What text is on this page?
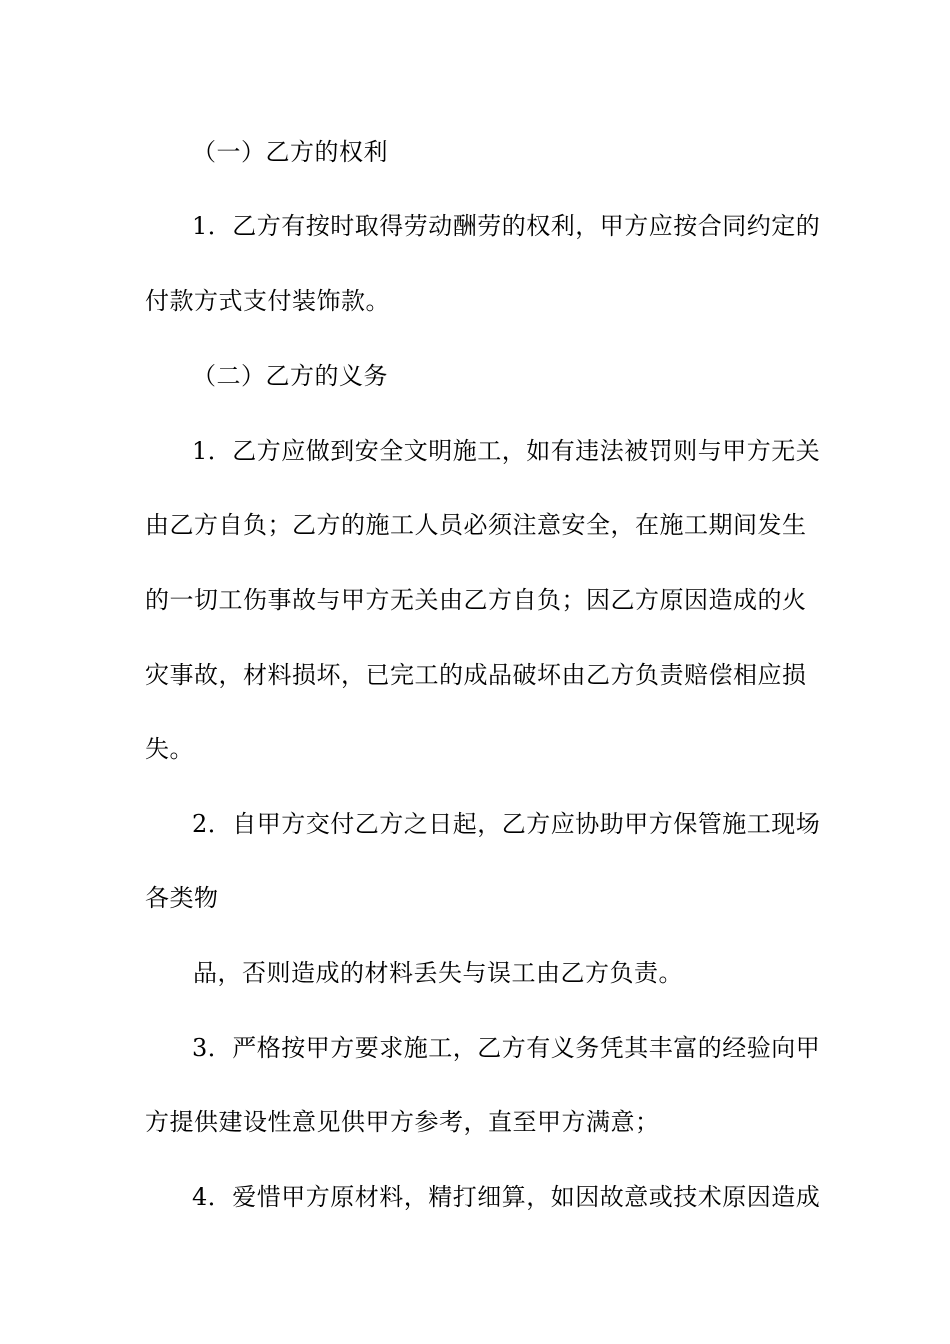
（一）乙方的权利
1．乙方有按时取得劳动酬劳的权利，甲方应按合同约定的
付款方式支付装饰款。
（二）乙方的义务
1．乙方应做到安全文明施工，如有违法被罚则与甲方无关
由乙方自负；乙方的施工人员必须注意安全，在施工期间发生
的一切工伤事故与甲方无关由乙方自负；因乙方原因造成的火
灾事故，材料损坏，已完工的成品破坏由乙方负责赔偿相应损
失。
2．自甲方交付乙方之日起，乙方应协助甲方保管施工现场
各类物
品，否则造成的材料丢失与误工由乙方负责。
3．严格按甲方要求施工，乙方有义务凭其丰富的经验向甲
方提供建设性意见供甲方参考，直至甲方满意；
4．爱惜甲方原材料，精打细算，如因故意或技术原因造成
